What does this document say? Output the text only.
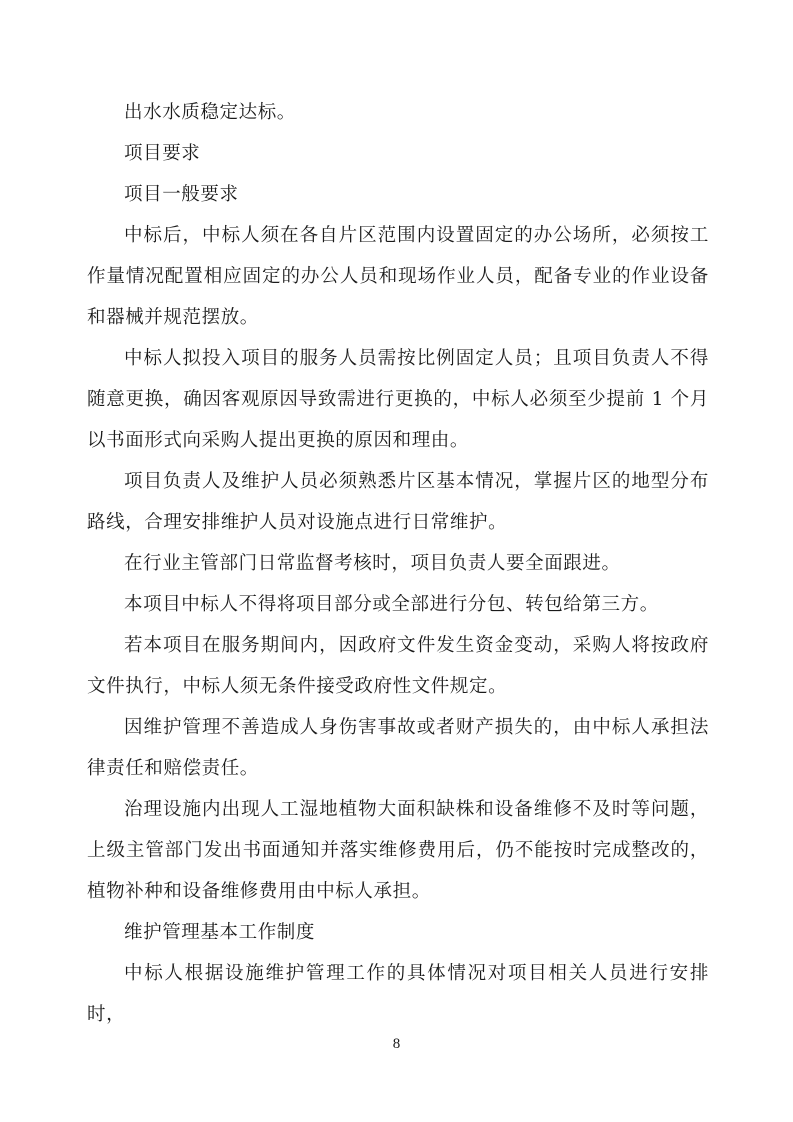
出水水质稳定达标。

项目要求

项目一般要求

中标后，中标人须在各自片区范围内设置固定的办公场所，必须按工作量情况配置相应固定的办公人员和现场作业人员，配备专业的作业设备和器械并规范摆放。

中标人拟投入项目的服务人员需按比例固定人员；且项目负责人不得随意更换，确因客观原因导致需进行更换的，中标人必须至少提前 1 个月以书面形式向采购人提出更换的原因和理由。

项目负责人及维护人员必须熟悉片区基本情况，掌握片区的地型分布路线，合理安排维护人员对设施点进行日常维护。

在行业主管部门日常监督考核时，项目负责人要全面跟进。

本项目中标人不得将项目部分或全部进行分包、转包给第三方。

若本项目在服务期间内，因政府文件发生资金变动，采购人将按政府文件执行，中标人须无条件接受政府性文件规定。

因维护管理不善造成人身伤害事故或者财产损失的，由中标人承担法律责任和赔偿责任。

治理设施内出现人工湿地植物大面积缺株和设备维修不及时等问题，上级主管部门发出书面通知并落实维修费用后，仍不能按时完成整改的，植物补种和设备维修费用由中标人承担。

维护管理基本工作制度

中标人根据设施维护管理工作的具体情况对项目相关人员进行安排时，

8
